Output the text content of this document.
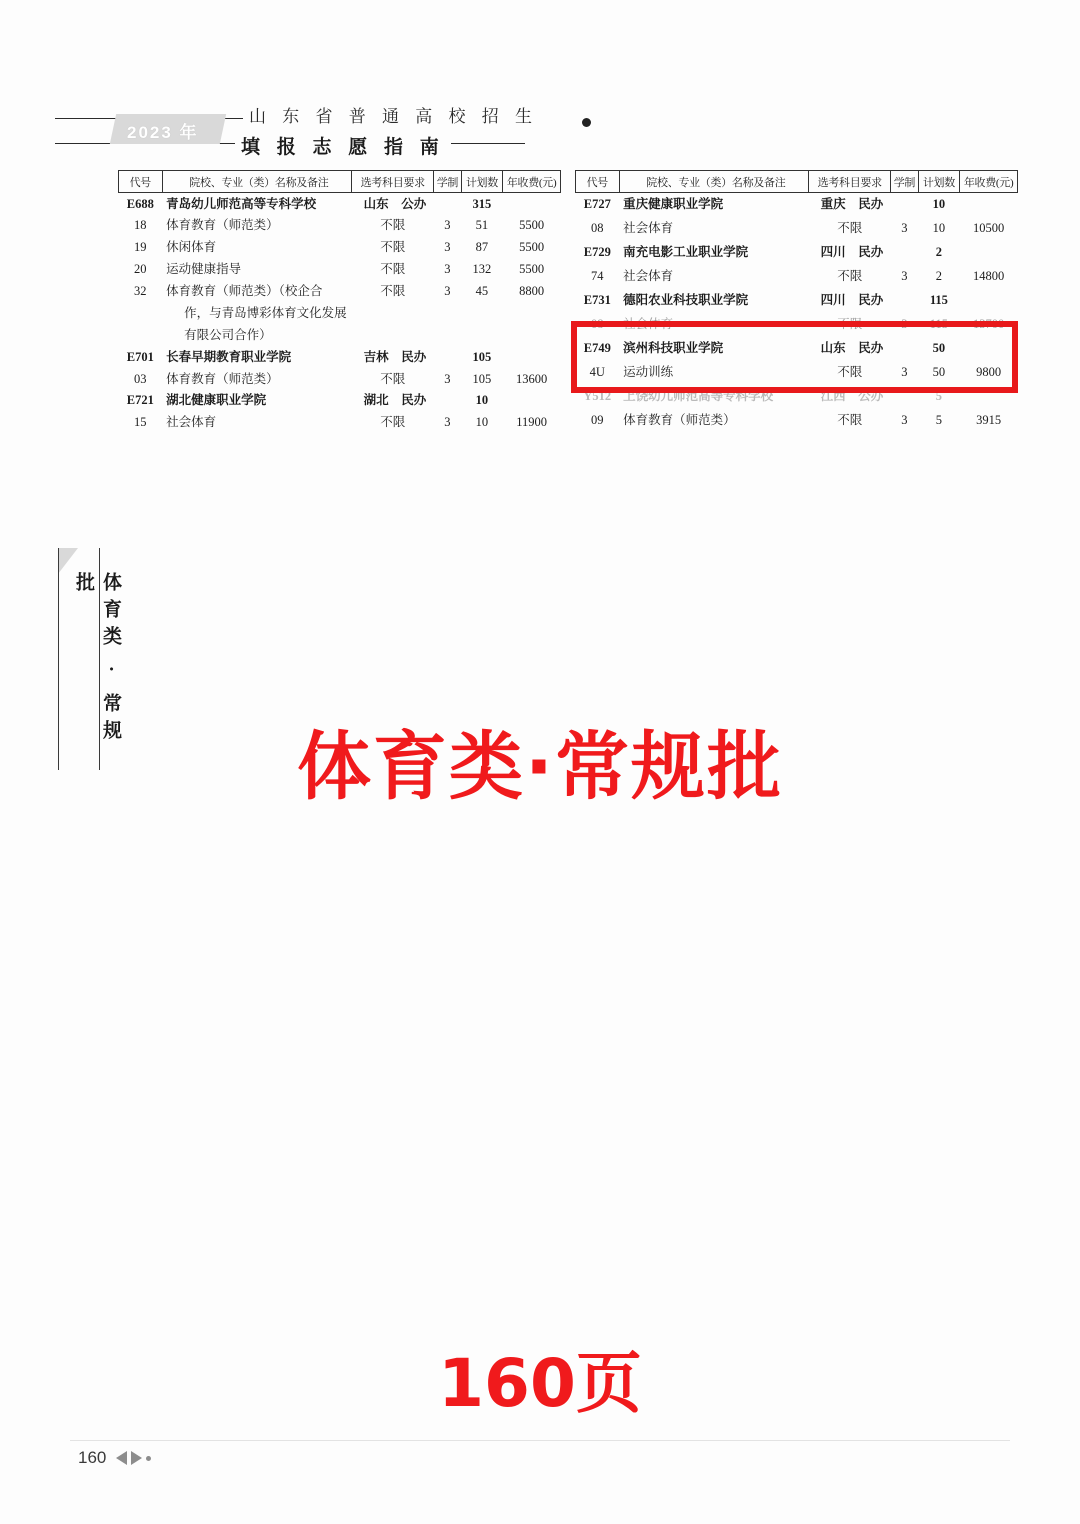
2023 年
山 东 省 普 通 高 校 招 生
填 报 志 愿 指 南
代号	院校、专业（类）名称及备注	选考科目要求	学制	计划数	年收费(元)
E688	青岛幼儿师范高等专科学校	山东 公办		315	
18	体育教育（师范类）	不限	3	51	5500
19	休闲体育	不限	3	87	5500
20	运动健康指导	不限	3	132	5500
32	体育教育（师范类）（校企合	不限	3	45	8800
	作，与青岛博彩体育文化发展				
	有限公司合作）				
E701	长春早期教育职业学院	吉林 民办		105	
03	体育教育（师范类）	不限	3	105	13600
E721	湖北健康职业学院	湖北 民办		10	
15	社会体育	不限	3	10	11900
代号	院校、专业（类）名称及备注	选考科目要求	学制	计划数	年收费(元)
E727	重庆健康职业学院	重庆 民办		10	
08	社会体育	不限	3	10	10500
E729	南充电影工业职业学院	四川 民办		2	
74	社会体育	不限	3	2	14800
E731	德阳农业科技职业学院	四川 民办		115	
08	社会体育	不限	3	115	13700
E749	滨州科技职业学院	山东 民办		50	
4U	运动训练	不限	3	50	9800
Y512	上饶幼儿师范高等专科学校	江西 公办		5	
09	体育教育（师范类）	不限	3	5	3915
体育类 · 常规批
体育类·常规批
160页
160
